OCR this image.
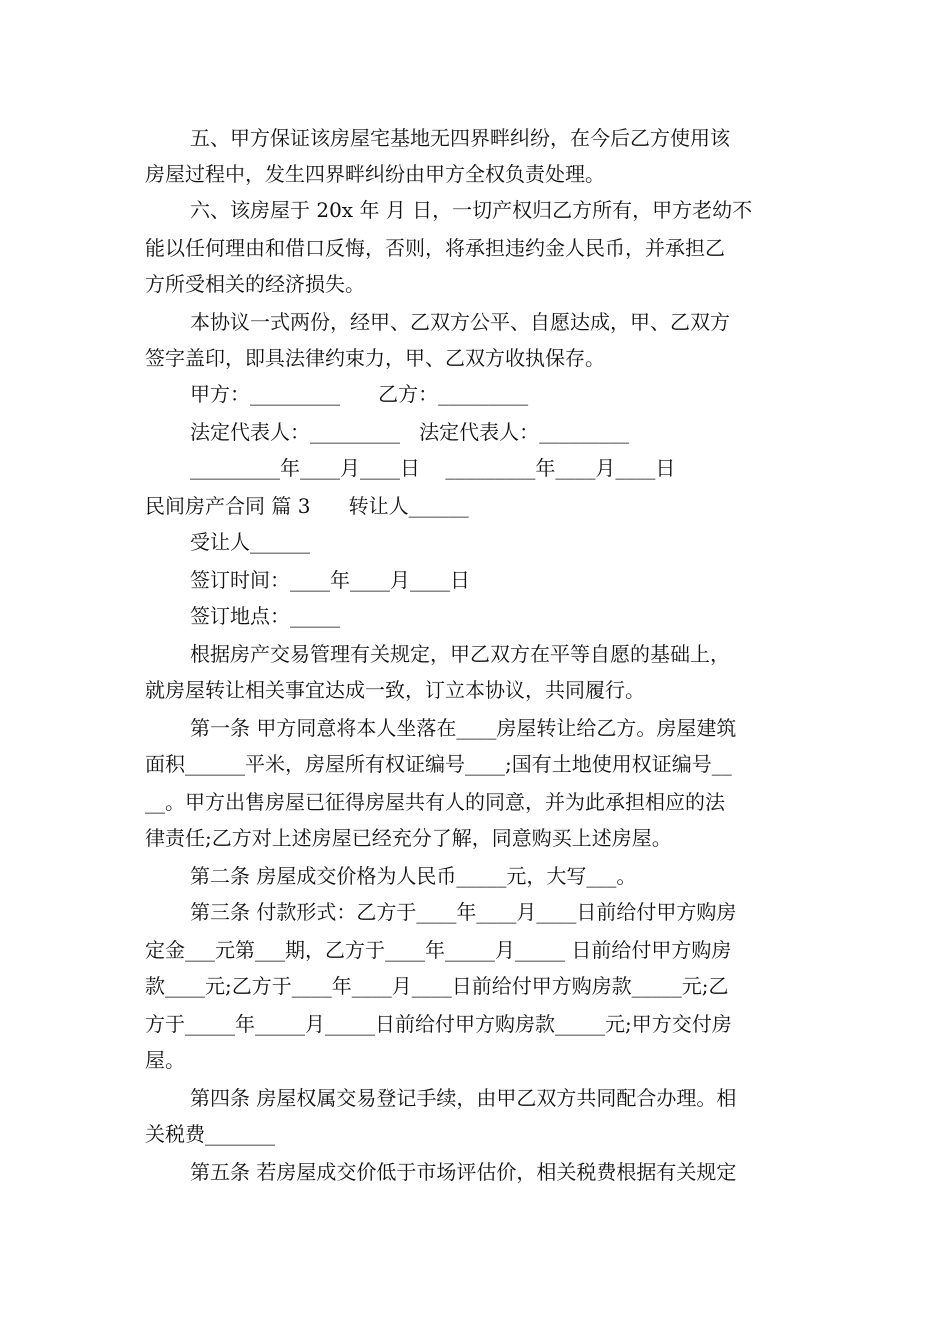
五、甲方保证该房屋宅基地无四界畔纠纷，在今后乙方使用该
房屋过程中，发生四界畔纠纷由甲方全权负责处理。
六、该房屋于 20x 年 月 日，一切产权归乙方所有，甲方老幼不
能以任何理由和借口反悔，否则，将承担违约金人民币，并承担乙
方所受相关的经济损失。
本协议一式两份，经甲、乙双方公平、自愿达成，甲、乙双方
签字盖印，即具法律约束力，甲、乙双方收执保存。
甲方：_________      乙方：_________
法定代表人：_________   法定代表人：_________
_________年____月____日    _________年____月____日
民间房产合同 篇 3      转让人______
受让人______
签订时间：____年____月____日
签订地点：_____
根据房产交易管理有关规定，甲乙双方在平等自愿的基础上，
就房屋转让相关事宜达成一致，订立本协议，共同履行。
第一条 甲方同意将本人坐落在____房屋转让给乙方。房屋建筑
面积______平米，房屋所有权证编号____;国有土地使用权证编号__
__。甲方出售房屋已征得房屋共有人的同意，并为此承担相应的法
律责任;乙方对上述房屋已经充分了解，同意购买上述房屋。
第二条 房屋成交价格为人民币_____元，大写___。
第三条 付款形式：乙方于____年____月____日前给付甲方购房
定金___元第___期，乙方于____年_____月_____ 日前给付甲方购房
款____元;乙方于____年____月____日前给付甲方购房款_____元;乙
方于_____年_____月_____日前给付甲方购房款_____元;甲方交付房
屋。
第四条 房屋权属交易登记手续，由甲乙双方共同配合办理。相
关税费_______
第五条 若房屋成交价低于市场评估价，相关税费根据有关规定
